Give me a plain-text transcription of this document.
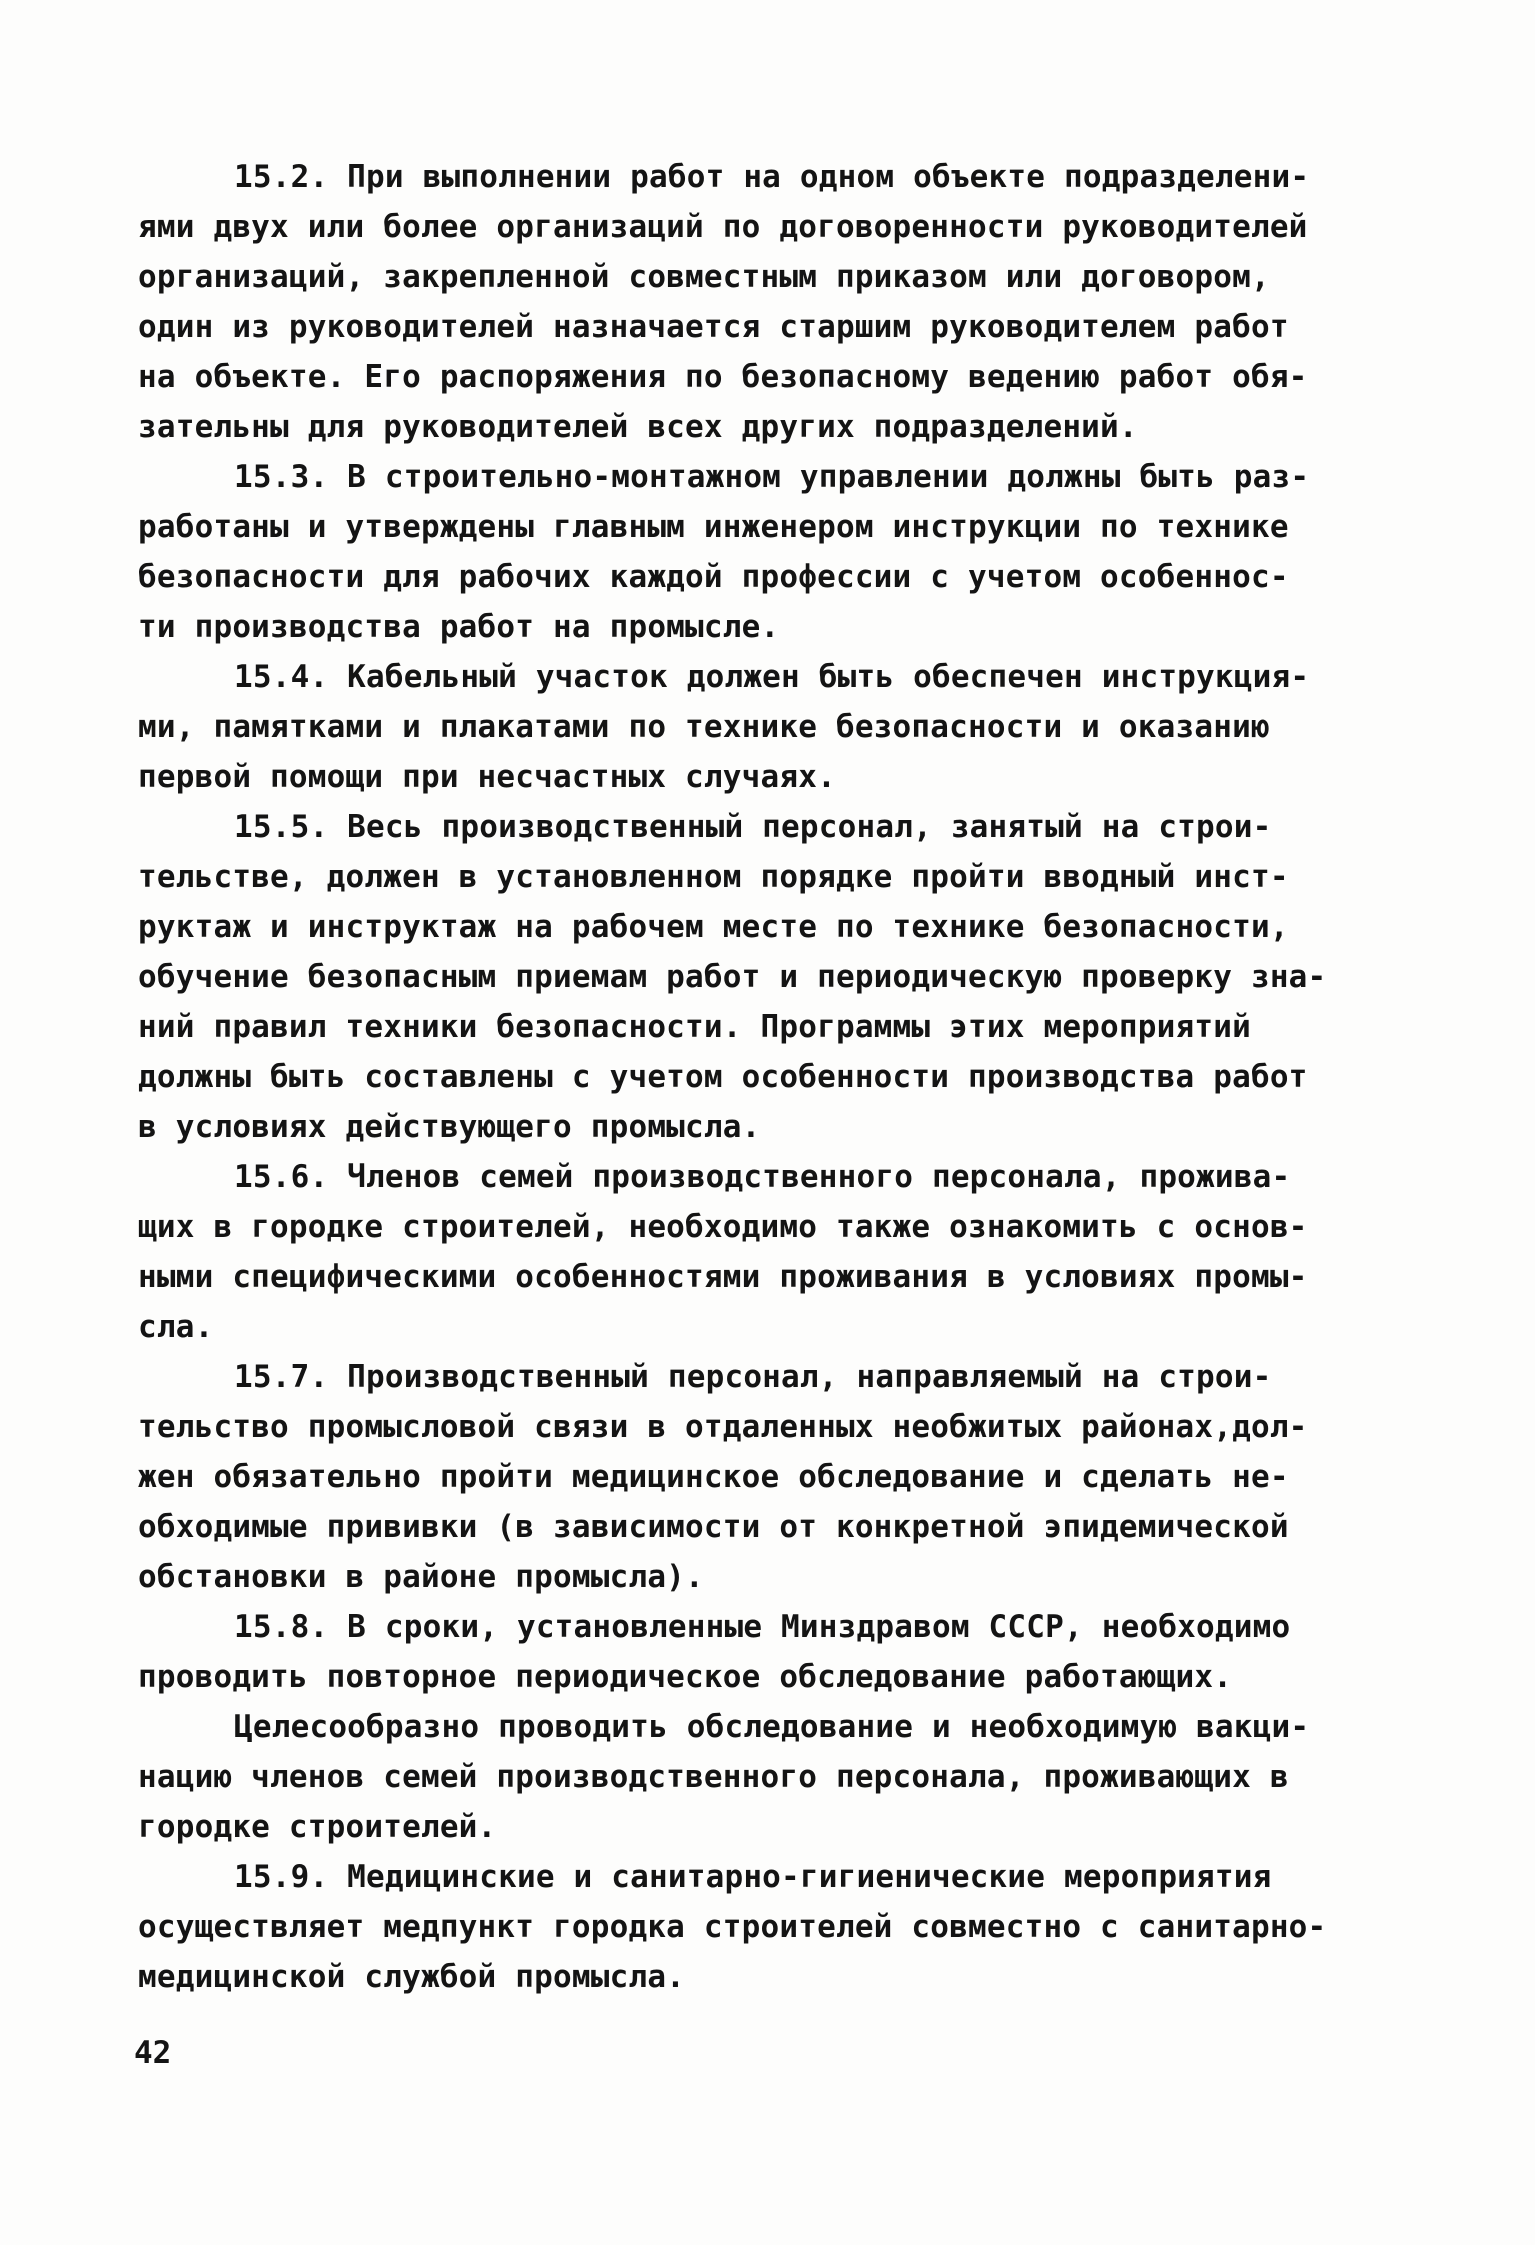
15.2. При выполнении работ на одном объекте подразделени-
ями двух или более организаций по договоренности руководителей
организаций, закрепленной совместным приказом или договором,
один из руководителей назначается старшим руководителем работ
на объекте. Его распоряжения по безопасному ведению работ обя-
зательны для руководителей всех других подразделений.
15.3. В строительно-монтажном управлении должны быть раз-
работаны и утверждены главным инженером инструкции по технике
безопасности для рабочих каждой профессии с учетом особеннос-
ти производства работ на промысле.
15.4. Кабельный участок должен быть обеспечен инструкция-
ми, памятками и плакатами по технике безопасности и оказанию
первой помощи при несчастных случаях.
15.5. Весь производственный персонал, занятый на строи-
тельстве, должен в установленном порядке пройти вводный инст-
руктаж и инструктаж на рабочем месте по технике безопасности,
обучение безопасным приемам работ и периодическую проверку зна-
ний правил техники безопасности. Программы этих мероприятий
должны быть составлены с учетом особенности производства работ
в условиях действующего промысла.
15.6. Членов семей производственного персонала, прожива-
щих в городке строителей, необходимо также ознакомить с основ-
ными специфическими особенностями проживания в условиях промы-
сла.
15.7. Производственный персонал, направляемый на строи-
тельство промысловой связи в отдаленных необжитых районах,дол-
жен обязательно пройти медицинское обследование и сделать не-
обходимые прививки (в зависимости от конкретной эпидемической
обстановки в районе промысла).
15.8. В сроки, установленные Минздравом СССР, необходимо
проводить повторное периодическое обследование работающих.
Целесообразно проводить обследование и необходимую вакци-
нацию членов семей производственного персонала, проживающих в
городке строителей.
15.9. Медицинские и санитарно-гигиенические мероприятия
осуществляет медпункт городка строителей совместно с санитарно-
медицинской службой промысла.
42
